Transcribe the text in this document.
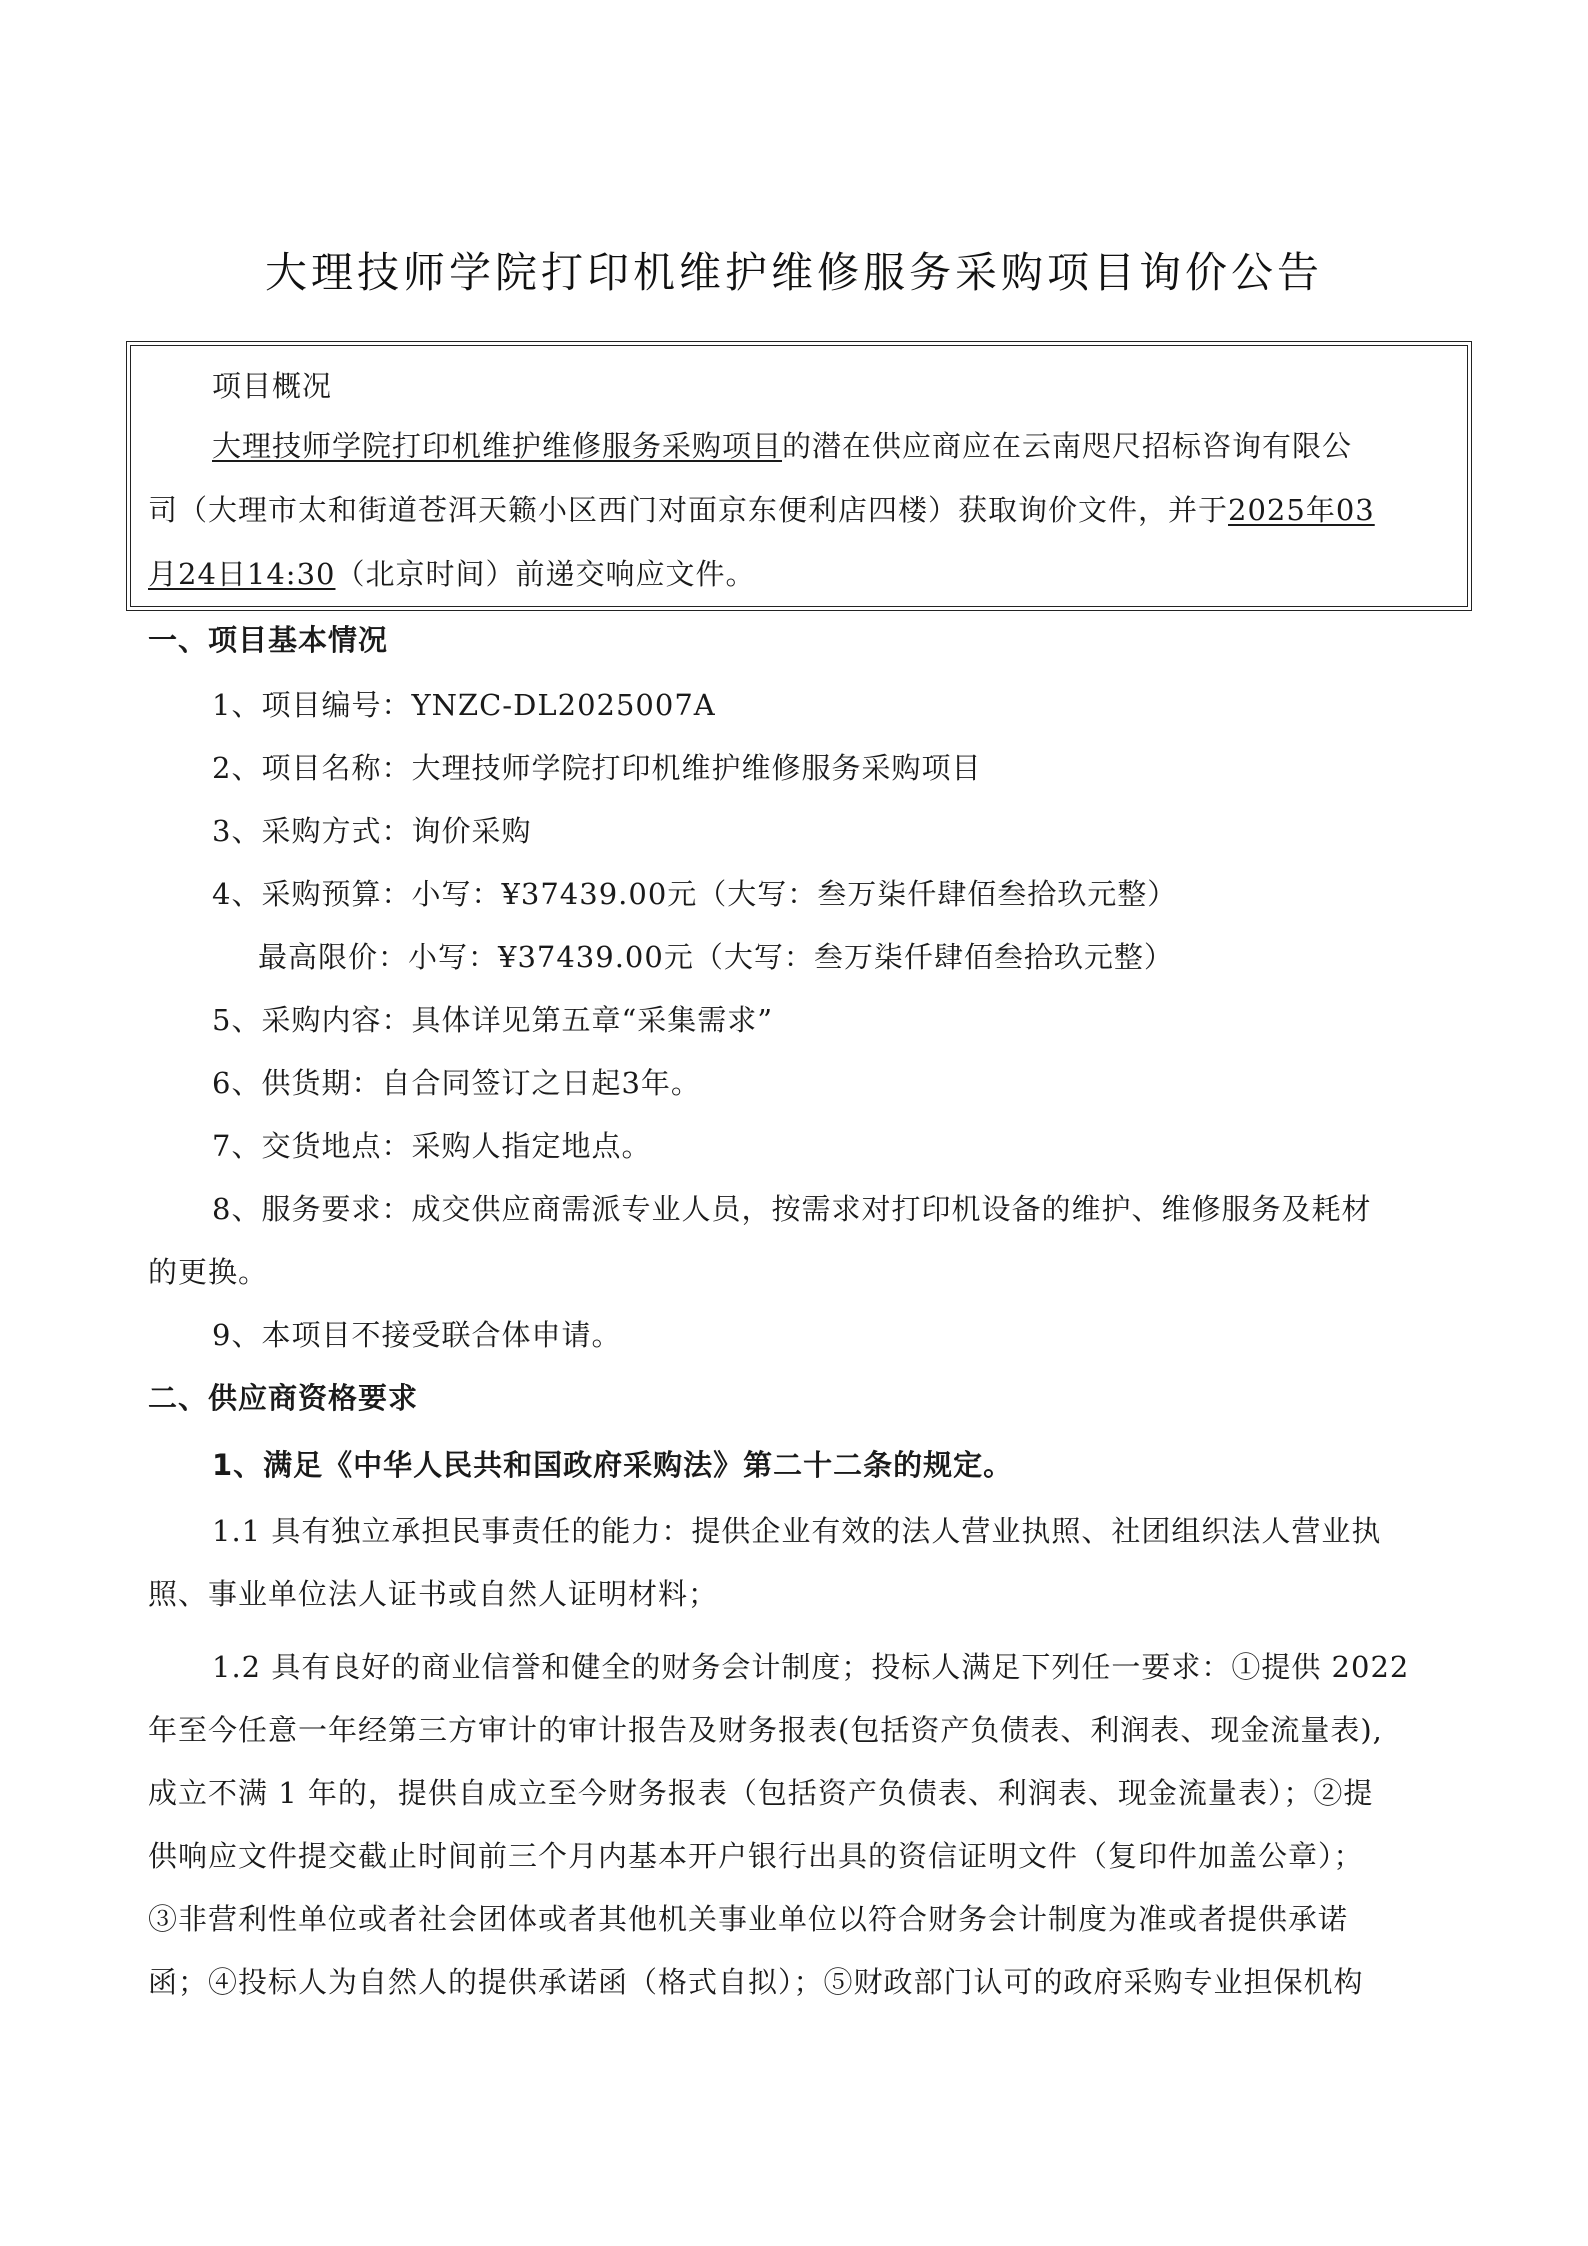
大理技师学院打印机维护维修服务采购项目询价公告
项目概况
大理技师学院打印机维护维修服务采购项目的潜在供应商应在云南咫尺招标咨询有限公
司（大理市太和街道苍洱天籁小区西门对面京东便利店四楼）获取询价文件，并于2025年03
月24日14:30（北京时间）前递交响应文件。
一、项目基本情况
1、项目编号：YNZC-DL2025007A
2、项目名称：大理技师学院打印机维护维修服务采购项目
3、采购方式：询价采购
4、采购预算：小写：¥37439.00元（大写：叁万柒仟肆佰叁拾玖元整）
最高限价：小写：¥37439.00元（大写：叁万柒仟肆佰叁拾玖元整）
5、采购内容：具体详见第五章“采集需求”
6、供货期：自合同签订之日起3年。
7、交货地点：采购人指定地点。
8、服务要求：成交供应商需派专业人员，按需求对打印机设备的维护、维修服务及耗材
的更换。
9、本项目不接受联合体申请。
二、供应商资格要求
1、满足《中华人民共和国政府采购法》第二十二条的规定。
1.1 具有独立承担民事责任的能力：提供企业有效的法人营业执照、社团组织法人营业执
照、事业单位法人证书或自然人证明材料；
1.2 具有良好的商业信誉和健全的财务会计制度；投标人满足下列任一要求：①提供 2022
年至今任意一年经第三方审计的审计报告及财务报表(包括资产负债表、利润表、现金流量表),
成立不满 1 年的，提供自成立至今财务报表（包括资产负债表、利润表、现金流量表）；②提
供响应文件提交截止时间前三个月内基本开户银行出具的资信证明文件（复印件加盖公章）；
③非营利性单位或者社会团体或者其他机关事业单位以符合财务会计制度为准或者提供承诺
函；④投标人为自然人的提供承诺函（格式自拟）；⑤财政部门认可的政府采购专业担保机构
